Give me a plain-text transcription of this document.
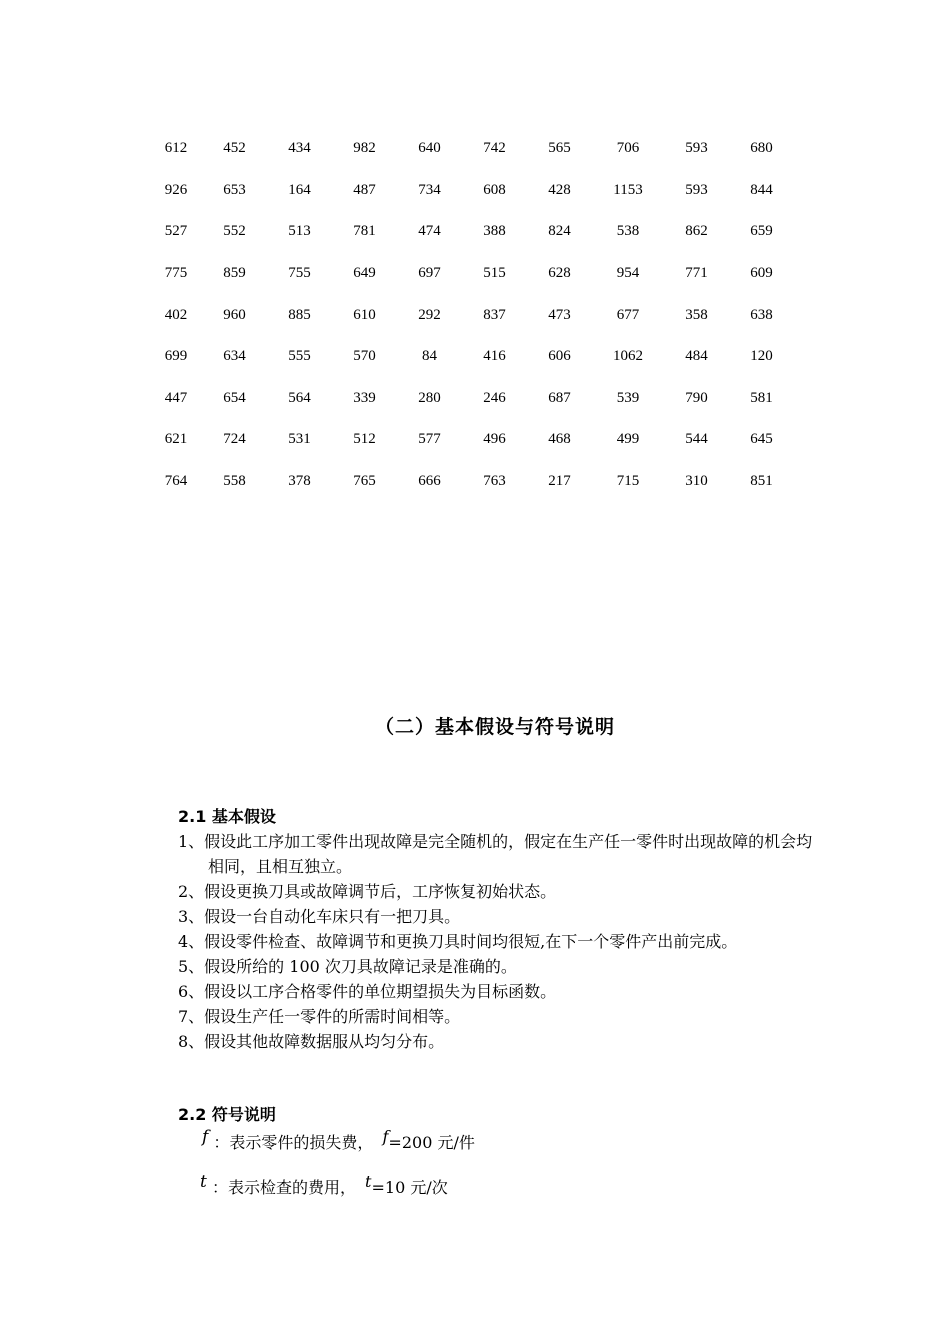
612	452	434	982	640	742	565	706	593	680
926	653	164	487	734	608	428	1153	593	844
527	552	513	781	474	388	824	538	862	659
775	859	755	649	697	515	628	954	771	609
402	960	885	610	292	837	473	677	358	638
699	634	555	570	84	416	606	1062	484	120
447	654	564	339	280	246	687	539	790	581
621	724	531	512	577	496	468	499	544	645
764	558	378	765	666	763	217	715	310	851
（二）基本假设与符号说明
2.1 基本假设
1、假设此工序加工零件出现故障是完全随机的，假定在生产任一零件时出现故障的机会均相同，且相互独立。
2、假设更换刀具或故障调节后，工序恢复初始状态。
3、假设一台自动化车床只有一把刀具。
4、假设零件检查、故障调节和更换刀具时间均很短,在下一个零件产出前完成。
5、假设所给的 100 次刀具故障记录是准确的。
6、假设以工序合格零件的单位期望损失为目标函数。
7、假设生产任一零件的所需时间相等。
8、假设其他故障数据服从均匀分布。
2.2 符号说明
f ：表示零件的损失费， f=200 元/件
t ：表示检查的费用， t=10 元/次
